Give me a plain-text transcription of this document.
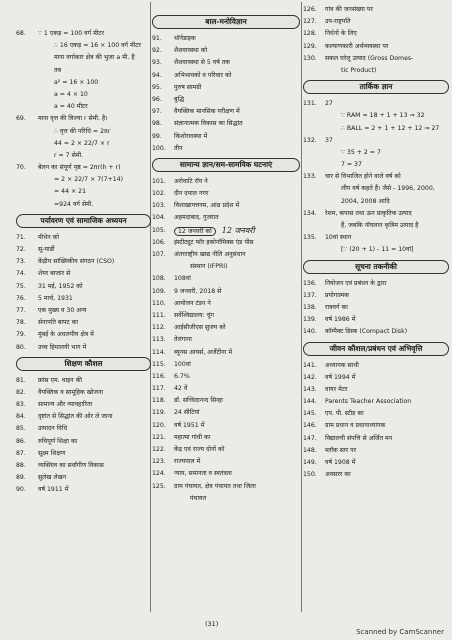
68.	∵ 1 एकड़ = 100 वर्ग मीटर
∴ 16 एकड़ = 16 × 100 वर्ग मीटर
माना वर्गाकार क्षेत्र की भुजा a मी. है
तब
a² = 16 × 100
a = 4 × 10
a = 40 मीटर
69.	माना वृत्त की त्रिज्या r सेमी. है।
∴ वृत्त की परिधि = 2πr
44 = 2 × 22/7 × r
r = 7 सेमी.
70.	बेलन का संपूर्ण पृष्ठ = 2πr(h + r)
= 2 × 22/7 × 7(7+14)
= 44 × 21
=924 वर्ग सेमी.
पर्यावरण एवं सामाजिक अध्ययन
71.	मीथेन को
72.	सू-यार्डी
73.	केंद्रीय सांख्यिकीय संगठन (CSO)
74.	शेयर बाजार से
75.	31 मई, 1952 को
76.	5 मार्च, 1931
77.	एक मुख्य व 30 अन्य
78.	सेनापति बापट का
79.	मुंबई के अधलपीय क्षेत्र में
80.	उच्च हिमालयी भाग में
शिक्षण कौशल
81.	फ्रांस एम. थाइन की
82.	वैयक्तिक व सामूहिक खोजना
83.	सामान्य और व्यावहारिता
84.	दृष्टांत से सिद्धांत की ओर ले जाना
85.	उत्पादन विधि
86.	रुचिपूर्ण शिक्षा का
87.	सूक्ष्म शिक्षण
88.	व्यक्तित्व का सर्वांगीण विकास
89.	सुलेख लेखन
90.	वर्ष 1911 में
बाल-मनोविज्ञान
91.	थॉर्नडाइक
92.	शैशवावस्था को
93.	शैशवावस्था से 5 वर्ष तक
94.	अभिभावकों व परिवार को
95.	पुरुष सामग्री
96.	बुद्धि
97.	वैयक्तिक मानसिक परीक्षण में
98.	संज्ञानात्मक विकास का सिद्धांत
99.	किशोरावस्था में
100.	तीन
सामान्य ज्ञान/सम-सामयिक घटनाएं
101.	अरोवाटि रॉय ने
102.	दीन दयाल नगर
103.	विशाखापत्तनम, आंध्र प्रदेश में
104.	अहमदाबाद, गुजरात
105.	12 जनवरी को 12 जनवरी
106.	इंस्टीट्यूट फॉर इकोनॉमिक्स एंड पीस
107.	अंतरराष्ट्रीय खाद्य नीति अनुसंधान
संस्थान (IFPRI)
108.	108वां
109.	9 जनवरी, 2018 से
110.	आयोजन टंडन ने
111.	सर्वेश्विद्यालय: चुंग
112.	आईसीजीएस सुजय को
113.	तेलंगाना
114.	ब्यूनस आयर्स, अर्जेंटीना में
115.	100वां
116.	6.7%
117.	42 वें
118.	डॉ. सच्चिदानन्द सिन्हा
119.	24 सीटियां
120.	वर्ष 1951 में
121.	महात्मा गांधी का
122.	केंद्र एवं राज्य दोनों को
123.	राज्यपाल में
124.	न्याय, समानता व स्वतंत्रता
125.	ग्राम पंचायत, क्षेत्र पंचायत तथा जिला
पंचायत
126.	गांव की जनसंख्या पर
127.	उप-राष्ट्रपति
128.	निर्धनों के लिए
129.	कल्याणकारी अर्थव्यवस्था पर
130.	सकल घरेलू उत्पाद (Gross Domes-
tic Product)
तार्किक ज्ञान
131.	27
∵ RAM = 18 + 1 + 13 ⇒ 32
∴ BALL = 2 + 1 + 12 + 12 ⇒ 27
132.	37
∵ 35 + 2 = 7
7 = 37
133.	चार से विभाजित होने वाले वर्ष को
लीप वर्ष कहते हैं। जैसे - 1996, 2000,
2004, 2008 आदि
134.	रेशम, कपास तथा ऊन प्राकृतिक उत्पाद
हैं, जबकि नॉयलान कृत्रिम उत्पाद है
135.	10वां स्थान
[∵ (20 + 1) - 11 = 10वां]
सूचना तकनीकी
136.	नियोजन एवं प्रबंधन के द्वारा
137.	प्रयोगात्मक
138.	रात्रवर्ग का
139.	वर्ष 1986 में
140.	कॉम्पैक्ट डिस्क (Compact Disk)
जीवन कौशल/प्रबंधन एवं अभिवृत्ति
141.	अध्यापक साथी
142.	वर्ष 1994 में
143.	वायर मेटर
144.	Parents Teacher Association
145.	एप. पी. स्टीड का
146.	ग्राम प्रधान व प्रधानाध्यापक
147.	विद्यालयी संपत्ति से अर्जित मन
148.	ब्लॉक स्तर पर
149.	वर्ष 1908 में
150.	अवसरर का
(31)
Scanned by CamScanner
